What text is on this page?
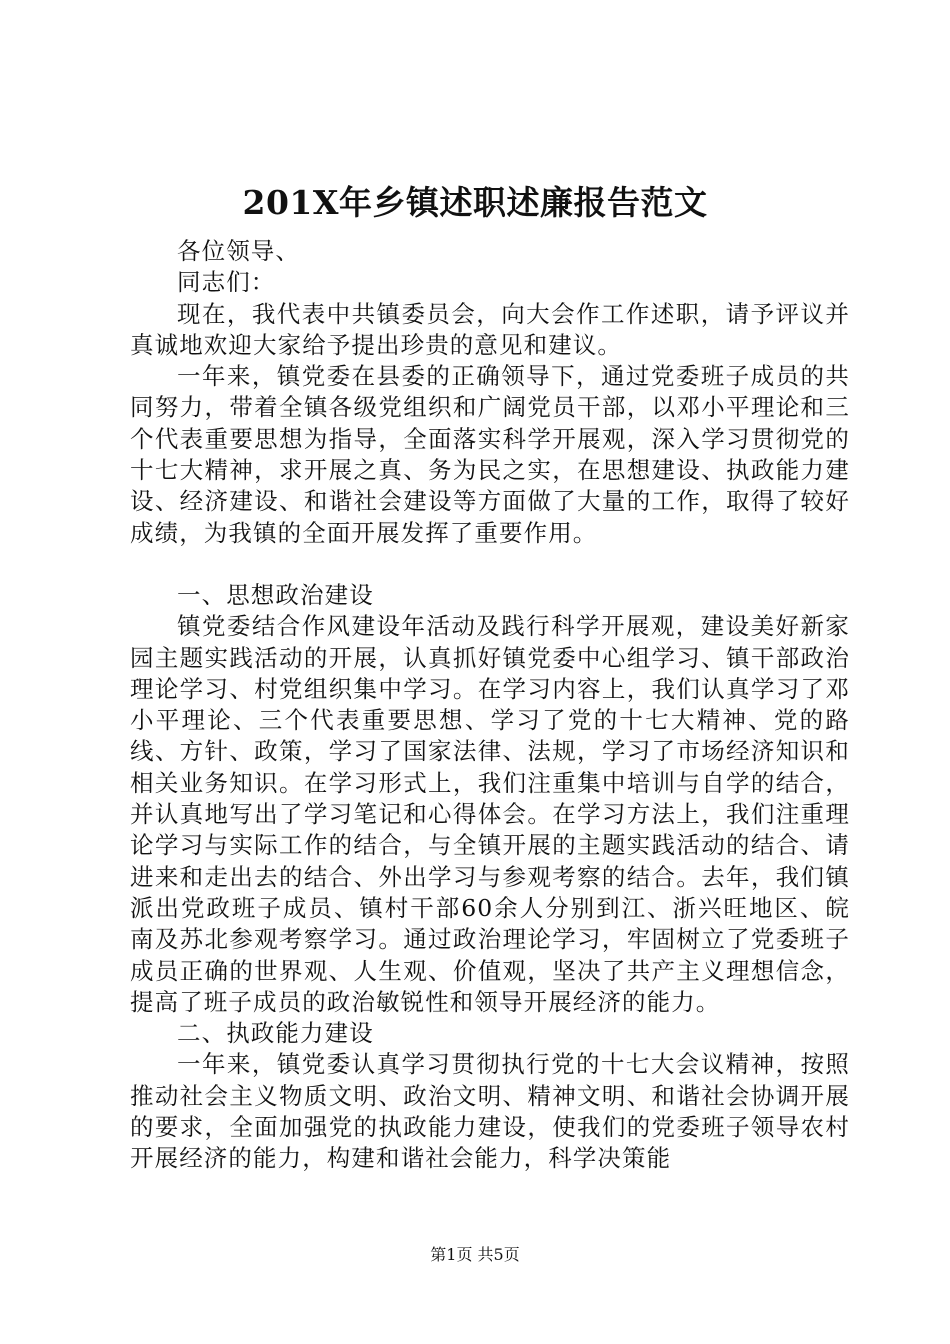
201X年乡镇述职述廉报告范文

各位领导、

同志们：

现在，我代表中共镇委员会，向大会作工作述职，请予评议并真诚地欢迎大家给予提出珍贵的意见和建议。

一年来，镇党委在县委的正确领导下，通过党委班子成员的共同努力，带着全镇各级党组织和广阔党员干部，以邓小平理论和三个代表重要思想为指导，全面落实科学开展观，深入学习贯彻党的十七大精神，求开展之真、务为民之实，在思想建设、执政能力建设、经济建设、和谐社会建设等方面做了大量的工作，取得了较好成绩，为我镇的全面开展发挥了重要作用。

一、思想政治建设

镇党委结合作风建设年活动及践行科学开展观，建设美好新家园主题实践活动的开展，认真抓好镇党委中心组学习、镇干部政治理论学习、村党组织集中学习。在学习内容上，我们认真学习了邓小平理论、三个代表重要思想、学习了党的十七大精神、党的路线、方针、政策，学习了国家法律、法规，学习了市场经济知识和相关业务知识。在学习形式上，我们注重集中培训与自学的结合，并认真地写出了学习笔记和心得体会。在学习方法上，我们注重理论学习与实际工作的结合，与全镇开展的主题实践活动的结合、请进来和走出去的结合、外出学习与参观考察的结合。去年，我们镇派出党政班子成员、镇村干部60余人分别到江、浙兴旺地区、皖南及苏北参观考察学习。通过政治理论学习，牢固树立了党委班子成员正确的世界观、人生观、价值观，坚决了共产主义理想信念，提高了班子成员的政治敏锐性和领导开展经济的能力。

二、执政能力建设

一年来，镇党委认真学习贯彻执行党的十七大会议精神，按照推动社会主义物质文明、政治文明、精神文明、和谐社会协调开展的要求，全面加强党的执政能力建设，使我们的党委班子领导农村开展经济的能力，构建和谐社会能力，科学决策能

第1页 共5页
